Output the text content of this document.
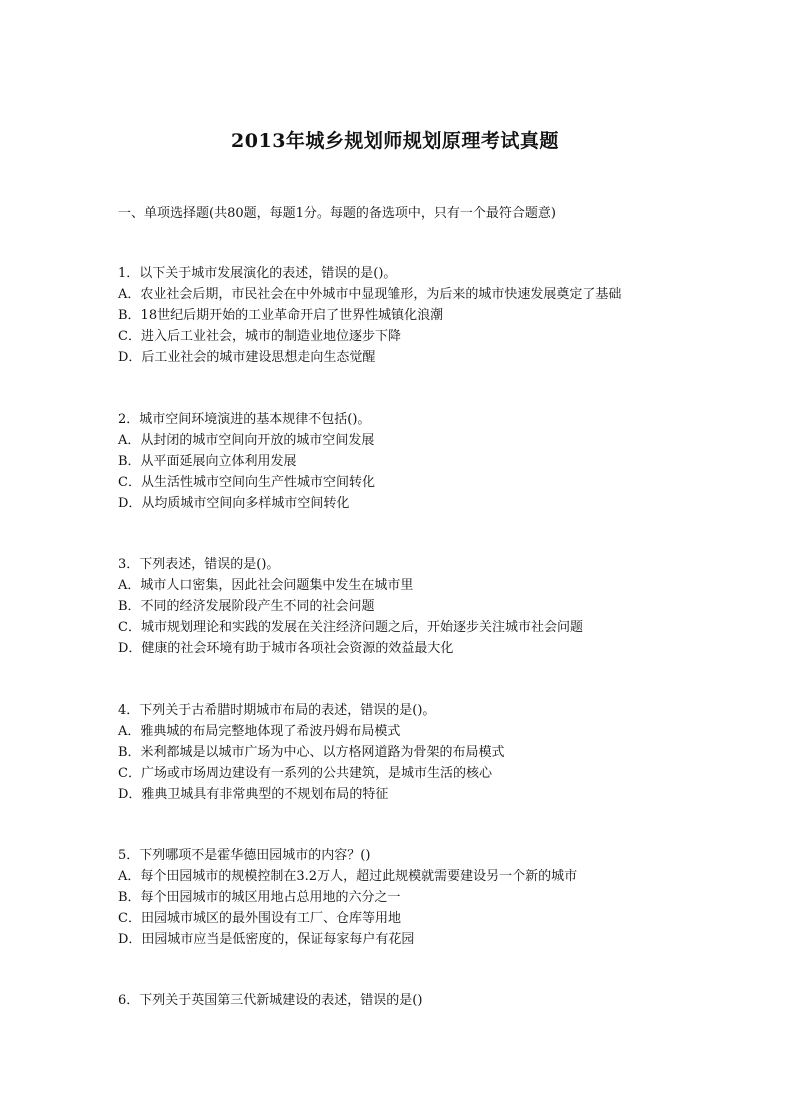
2013年城乡规划师规划原理考试真题
一、单项选择题(共80题，每题1分。每题的备选项中，只有一个最符合题意)
1．以下关于城市发展演化的表述，错误的是()。
A．农业社会后期，市民社会在中外城市中显现雏形，为后来的城市快速发展奠定了基础
B．18世纪后期开始的工业革命开启了世界性城镇化浪潮
C．进入后工业社会，城市的制造业地位逐步下降
D．后工业社会的城市建设思想走向生态觉醒
2．城市空间环境演进的基本规律不包括()。
A．从封闭的城市空间向开放的城市空间发展
B．从平面延展向立体利用发展
C．从生活性城市空间向生产性城市空间转化
D．从均质城市空间向多样城市空间转化
3．下列表述，错误的是()。
A．城市人口密集，因此社会问题集中发生在城市里
B．不同的经济发展阶段产生不同的社会问题
C．城市规划理论和实践的发展在关注经济问题之后，开始逐步关注城市社会问题
D．健康的社会环境有助于城市各项社会资源的效益最大化
4．下列关于古希腊时期城市布局的表述，错误的是()。
A．雅典城的布局完整地体现了希波丹姆布局模式
B．米利都城是以城市广场为中心、以方格网道路为骨架的布局模式
C．广场或市场周边建设有一系列的公共建筑，是城市生活的核心
D．雅典卫城具有非常典型的不规划布局的特征
5．下列哪项不是霍华德田园城市的内容？()
A．每个田园城市的规模控制在3.2万人，超过此规模就需要建设另一个新的城市
B．每个田园城市的城区用地占总用地的六分之一
C．田园城市城区的最外围设有工厂、仓库等用地
D．田园城市应当是低密度的，保证每家每户有花园
6．下列关于英国第三代新城建设的表述，错误的是()
